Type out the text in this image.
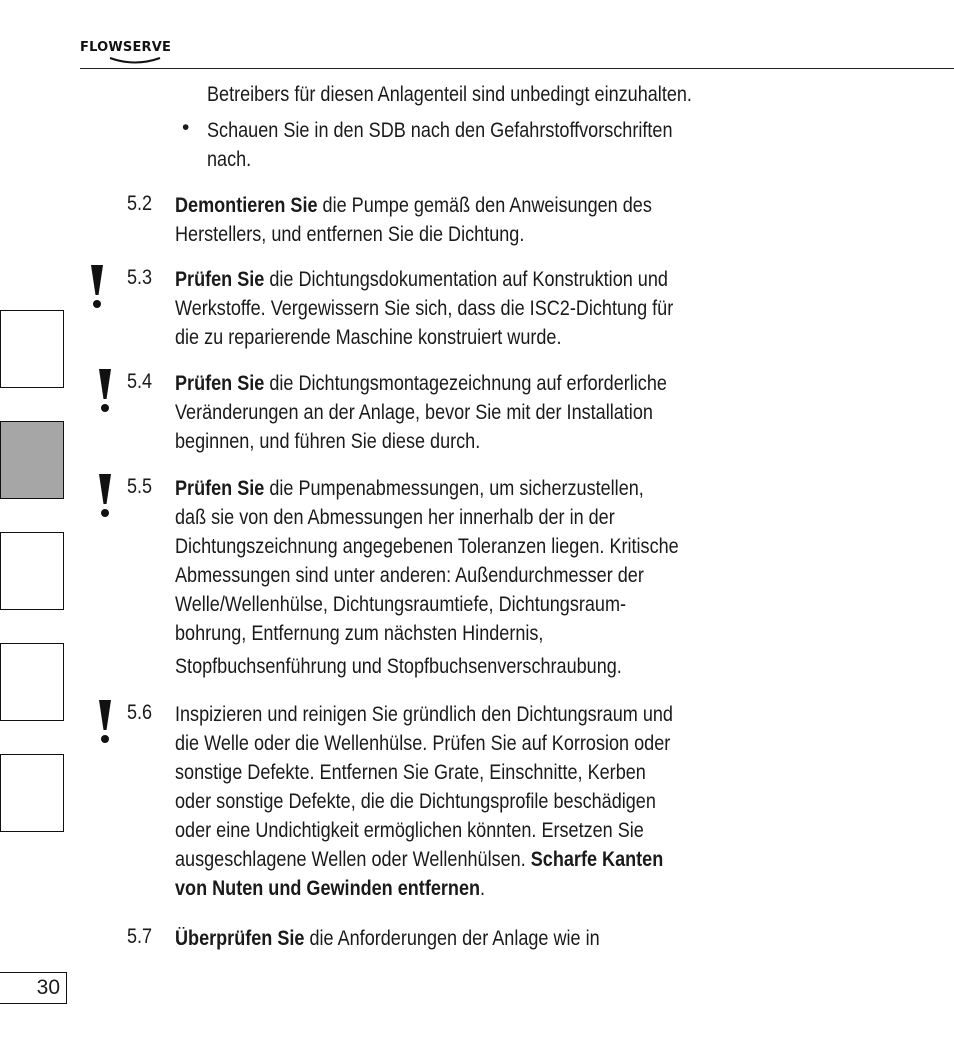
FLOWSERVE
Betreibers für diesen Anlagenteil sind unbedingt einzuhalten.
• Schauen Sie in den SDB nach den Gefahrstoffvorschriften
nach.
5.2 Demontieren Sie die Pumpe gemäß den Anweisungen des
Herstellers, und entfernen Sie die Dichtung.
5.3 Prüfen Sie die Dichtungsdokumentation auf Konstruktion und
Werkstoffe. Vergewissern Sie sich, dass die ISC2-Dichtung für
die zu reparierende Maschine konstruiert wurde.
5.4 Prüfen Sie die Dichtungsmontagezeichnung auf erforderliche
Veränderungen an der Anlage, bevor Sie mit der Installation
beginnen, und führen Sie diese durch.
5.5 Prüfen Sie die Pumpenabmessungen, um sicherzustellen,
daß sie von den Abmessungen her innerhalb der in der
Dichtungszeichnung angegebenen Toleranzen liegen. Kritische
Abmessungen sind unter anderen: Außendurchmesser der
Welle/Wellenhülse, Dichtungsraumtiefe, Dichtungsraum-
bohrung, Entfernung zum nächsten Hindernis,
Stopfbuchsenführung und Stopfbuchsenverschraubung.
5.6 Inspizieren und reinigen Sie gründlich den Dichtungsraum und
die Welle oder die Wellenhülse. Prüfen Sie auf Korrosion oder
sonstige Defekte. Entfernen Sie Grate, Einschnitte, Kerben
oder sonstige Defekte, die die Dichtungsprofile beschädigen
oder eine Undichtigkeit ermöglichen könnten. Ersetzen Sie
ausgeschlagene Wellen oder Wellenhülsen. Scharfe Kanten
von Nuten und Gewinden entfernen.
5.7 Überprüfen Sie die Anforderungen der Anlage wie in
30
